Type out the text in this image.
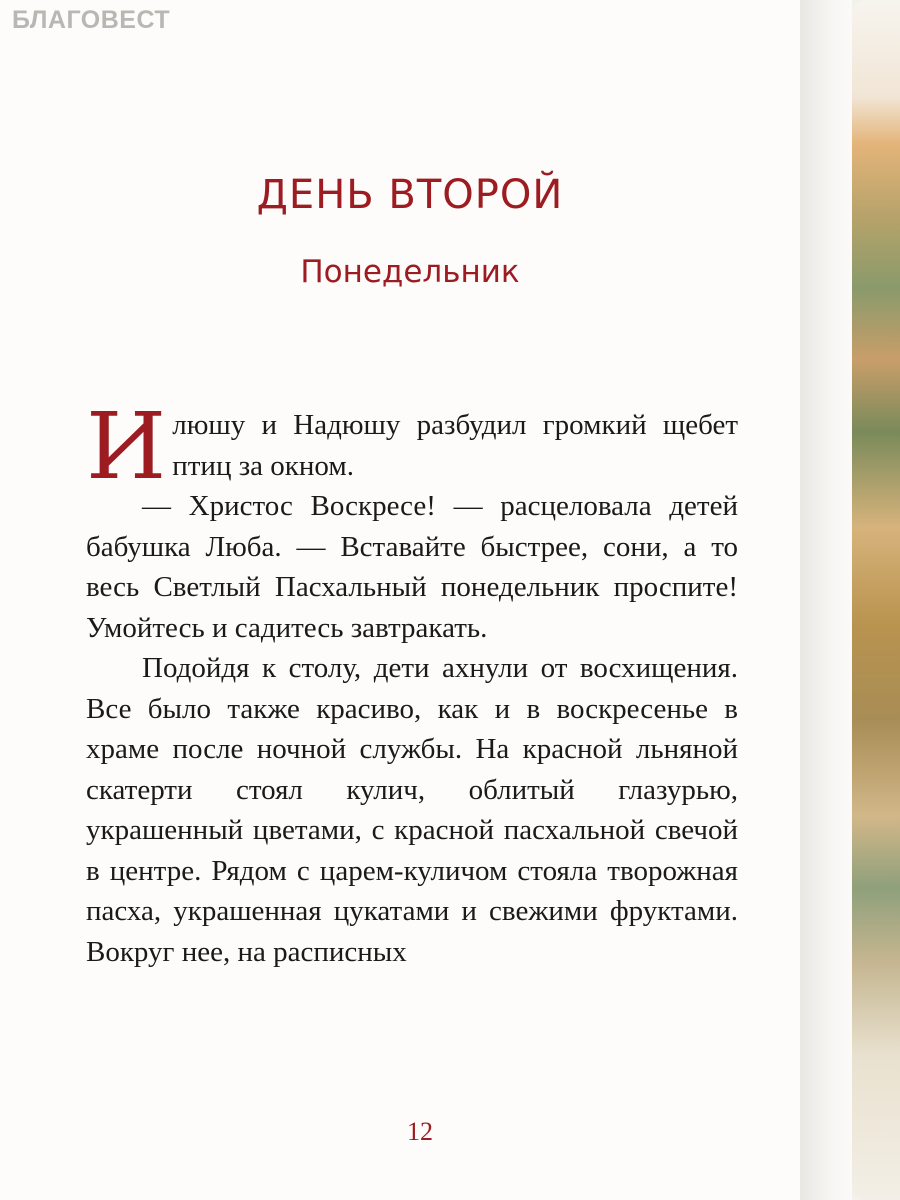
БЛАГОВЕСТ
ДЕНЬ ВТОРОЙ
Понедельник

Илюшу и Надюшу разбудил громкий щебет птиц за окном.

— Христос Воскресе! — расцеловала детей бабушка Люба. — Вставайте быстрее, сони, а то весь Светлый Пасхальный понедельник проспите! Умойтесь и садитесь завтракать.

Подойдя к столу, дети ахнули от восхищения. Все было также красиво, как и в воскресенье в храме после ночной службы. На красной льняной скатерти стоял кулич, облитый глазурью, украшенный цветами, с красной пасхальной свечой в центре. Рядом с царем-куличом стояла творожная пасха, украшенная цукатами и свежими фруктами. Вокруг нее, на расписных

12
